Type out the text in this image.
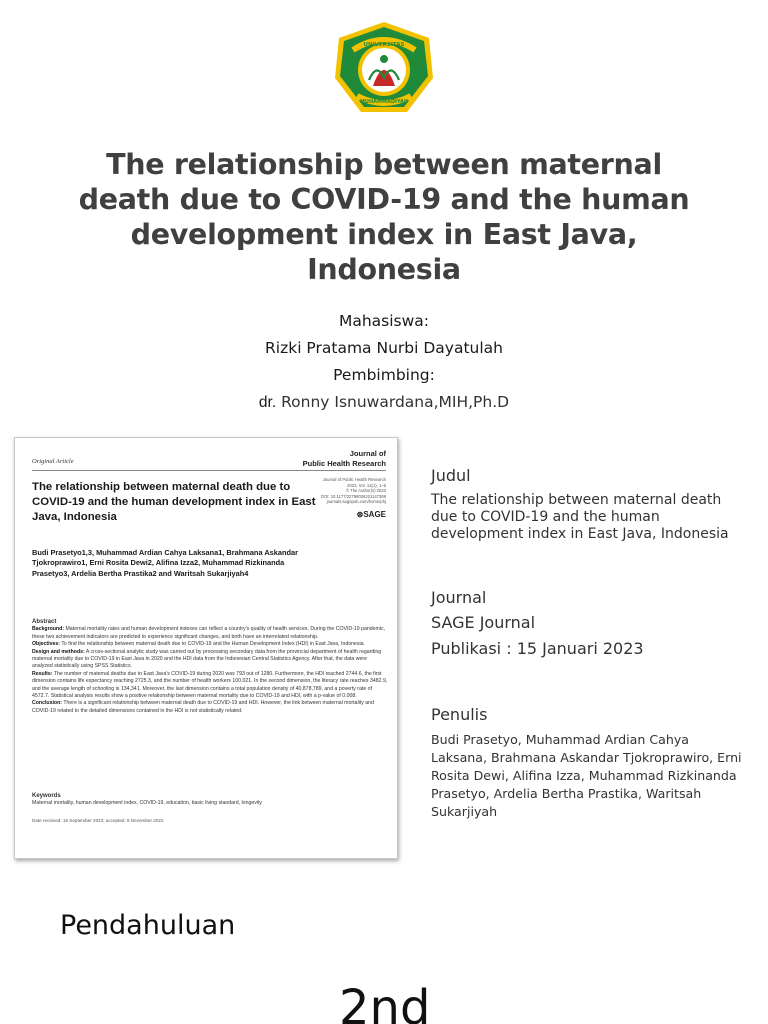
UNIVERSITAS
MUHAMMADIYAH
The relationship between maternal death due to COVID-19 and the human development index in East Java, Indonesia
Mahasiswa:
Rizki Pratama Nurbi Dayatulah
Pembimbing:
dr. Ronny Isnuwardana,MIH,Ph.D
Original Article
Journal of
Public Health Research
The relationship between maternal death due to COVID-19 and the human development index in East Java, Indonesia
Journal of Public Health Research
2023, Vol. 12(1), 1–6
© The Author(s) 2023
DOI: 10.1177/22799036221147369
journals.sagepub.com/home/phj
⊛SAGE
Budi Prasetyo1,3, Muhammad Ardian Cahya Laksana1, Brahmana Askandar Tjokroprawiro1, Erni Rosita Dewi2, Alifina Izza2, Muhammad Rizkinanda Prasetyo3, Ardelia Bertha Prastika2 and Waritsah Sukarjiyah4
Abstract
Background: Maternal mortality rates and human development indexes can reflect a country's quality of health services. During the COVID-19 pandemic, these two achievement indicators are predicted to experience significant changes, and both have an interrelated relationship.
Objectives: To find the relationship between maternal death due to COVID-19 and the Human Development Index (HDI) in East Java, Indonesia.
Design and methods: A cross-sectional analytic study was carried out by processing secondary data from the provincial department of health regarding maternal mortality due to COVID-19 in East Java in 2020 and the HDI data from the Indonesian Central Statistics Agency. After that, the data were analyzed statistically using SPSS Statistics.
Results: The number of maternal deaths due to East Java's COVID-19 during 2020 was 793 out of 1280. Furthermore, the HDI reached 2744.6, the first dimension contains life expectancy reaching 2725.3, and the number of health workers 100,021. In the second dimension, the literacy rate reaches 3482.9, and the average length of schooling is 134,341. Moreover, the last dimension contains a total population density of 40,878,789, and a poverty rate of 4572.7. Statistical analysis results show a positive relationship between maternal mortality due to COVID-19 and HDI, with a p-value of 0.008.
Conclusion: There is a significant relationship between maternal death due to COVID-19 and HDI. However, the link between maternal mortality and COVID-19 related to the detailed dimensions contained in the HDI is not statistically related.
Keywords
Maternal mortality, human development index, COVID-19, education, basic living standard, longevity
Date received: 16 September 2022; accepted: 8 December 2022
Judul
The relationship between maternal death due to COVID-19 and the human development index in East Java, Indonesia
Journal
SAGE Journal
Publikasi : 15 Januari 2023
Penulis
Budi Prasetyo, Muhammad Ardian Cahya Laksana, Brahmana Askandar Tjokroprawiro, Erni Rosita Dewi, Alifina Izza, Muhammad Rizkinanda Prasetyo, Ardelia Bertha Prastika, Waritsah Sukarjiyah
Pendahuluan
2nd
